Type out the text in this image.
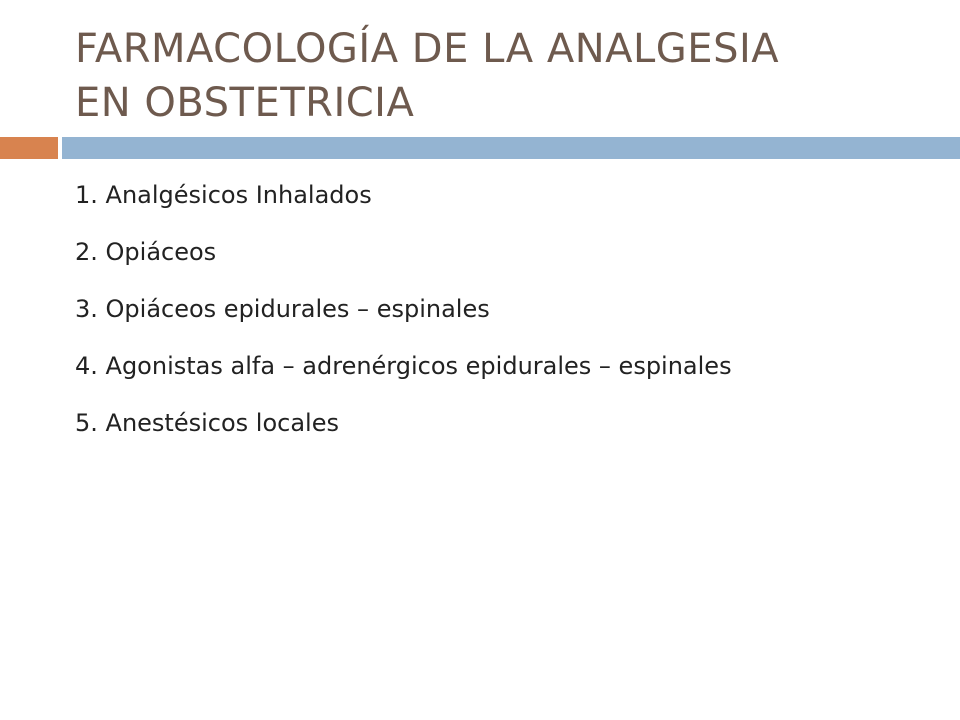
FARMACOLOGÍA DE LA ANALGESIA
EN OBSTETRICIA
1. Analgésicos Inhalados
2. Opiáceos
3. Opiáceos epidurales – espinales
4. Agonistas alfa – adrenérgicos epidurales – espinales
5. Anestésicos locales
